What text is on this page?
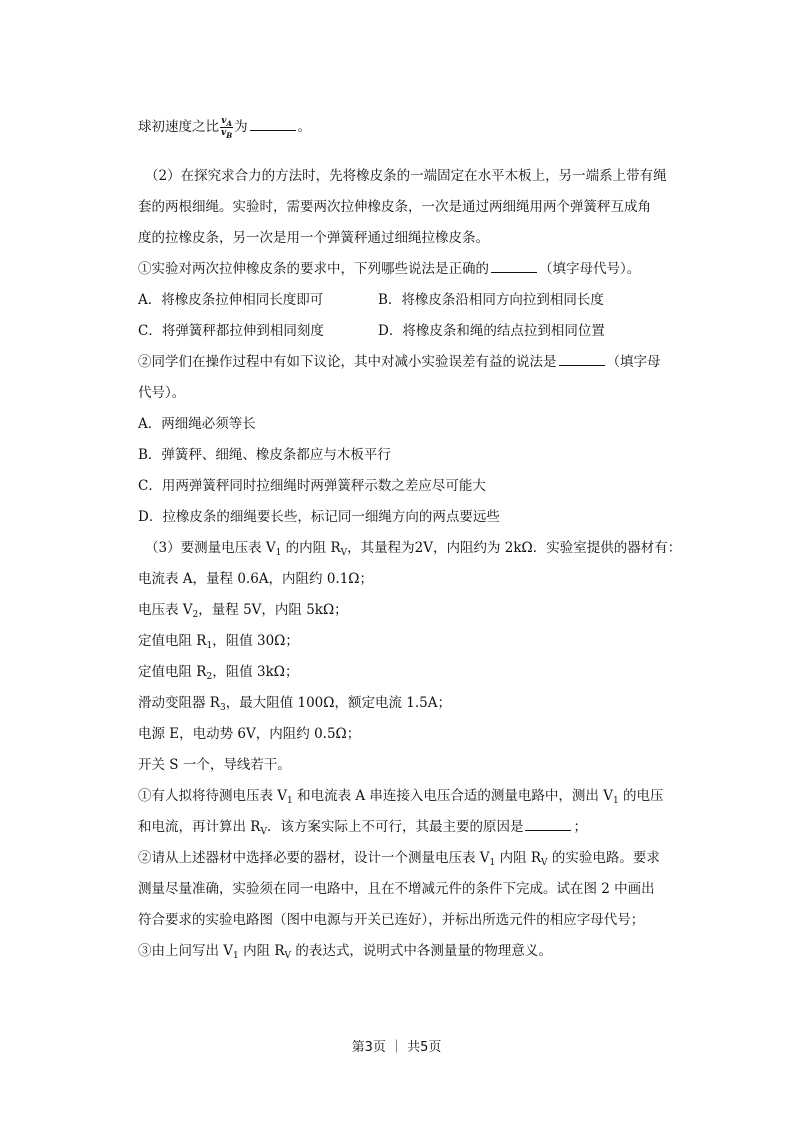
球初速度之比 $\frac{v_A}{v_B}$ 为	。
（2）在探究求合力的方法时，先将橡皮条的一端固定在水平木板上，另一端系上带有绳
套的两根细绳。实验时，需要两次拉伸橡皮条，一次是通过两细绳用两个弹簧秤互成角
度的拉橡皮条，另一次是用一个弹簧秤通过细绳拉橡皮条。
①实验对两次拉伸橡皮条的要求中，下列哪些说法是正确的	（填字母代号）。
A．将橡皮条拉伸相同长度即可	B．将橡皮条沿相同方向拉到相同长度
C．将弹簧秤都拉伸到相同刻度	D．将橡皮条和绳的结点拉到相同位置
②同学们在操作过程中有如下议论，其中对减小实验误差有益的说法是	（填字母
代号）。
A．两细绳必须等长
B．弹簧秤、细绳、橡皮条都应与木板平行
C．用两弹簧秤同时拉细绳时两弹簧秤示数之差应尽可能大
D．拉橡皮条的细绳要长些，标记同一细绳方向的两点要远些
（3）要测量电压表 $V_1$ 的内阻 $R_V$，其量程为2V，内阻约为 2kΩ．实验室提供的器材有：
电流表 A，量程 0.6A，内阻约 0.1Ω；
电压表 $V_2$，量程 5V，内阻 5kΩ；
定值电阻 $R_1$，阻值 30Ω；
定值电阻 $R_2$，阻值 3kΩ；
滑动变阻器 $R_3$，最大阻值 100Ω，额定电流 1.5A；
电源 E，电动势 6V，内阻约 0.5Ω；
开关 S 一个，导线若干。
①有人拟将待测电压表 $V_1$ 和电流表 A 串连接入电压合适的测量电路中，测出 $V_1$ 的电压
和电流，再计算出 $R_V$．该方案实际上不可行，其最主要的原因是	；
②请从上述器材中选择必要的器材，设计一个测量电压表 $V_1$ 内阻 $R_V$ 的实验电路。要求
测量尽量准确，实验须在同一电路中，且在不增减元件的条件下完成。试在图 2 中画出
符合要求的实验电路图（图中电源与开关已连好），并标出所选元件的相应字母代号；
③由上问写出 $V_1$ 内阻 $R_V$ 的表达式，说明式中各测量量的物理意义。
第3页 ｜ 共5页
